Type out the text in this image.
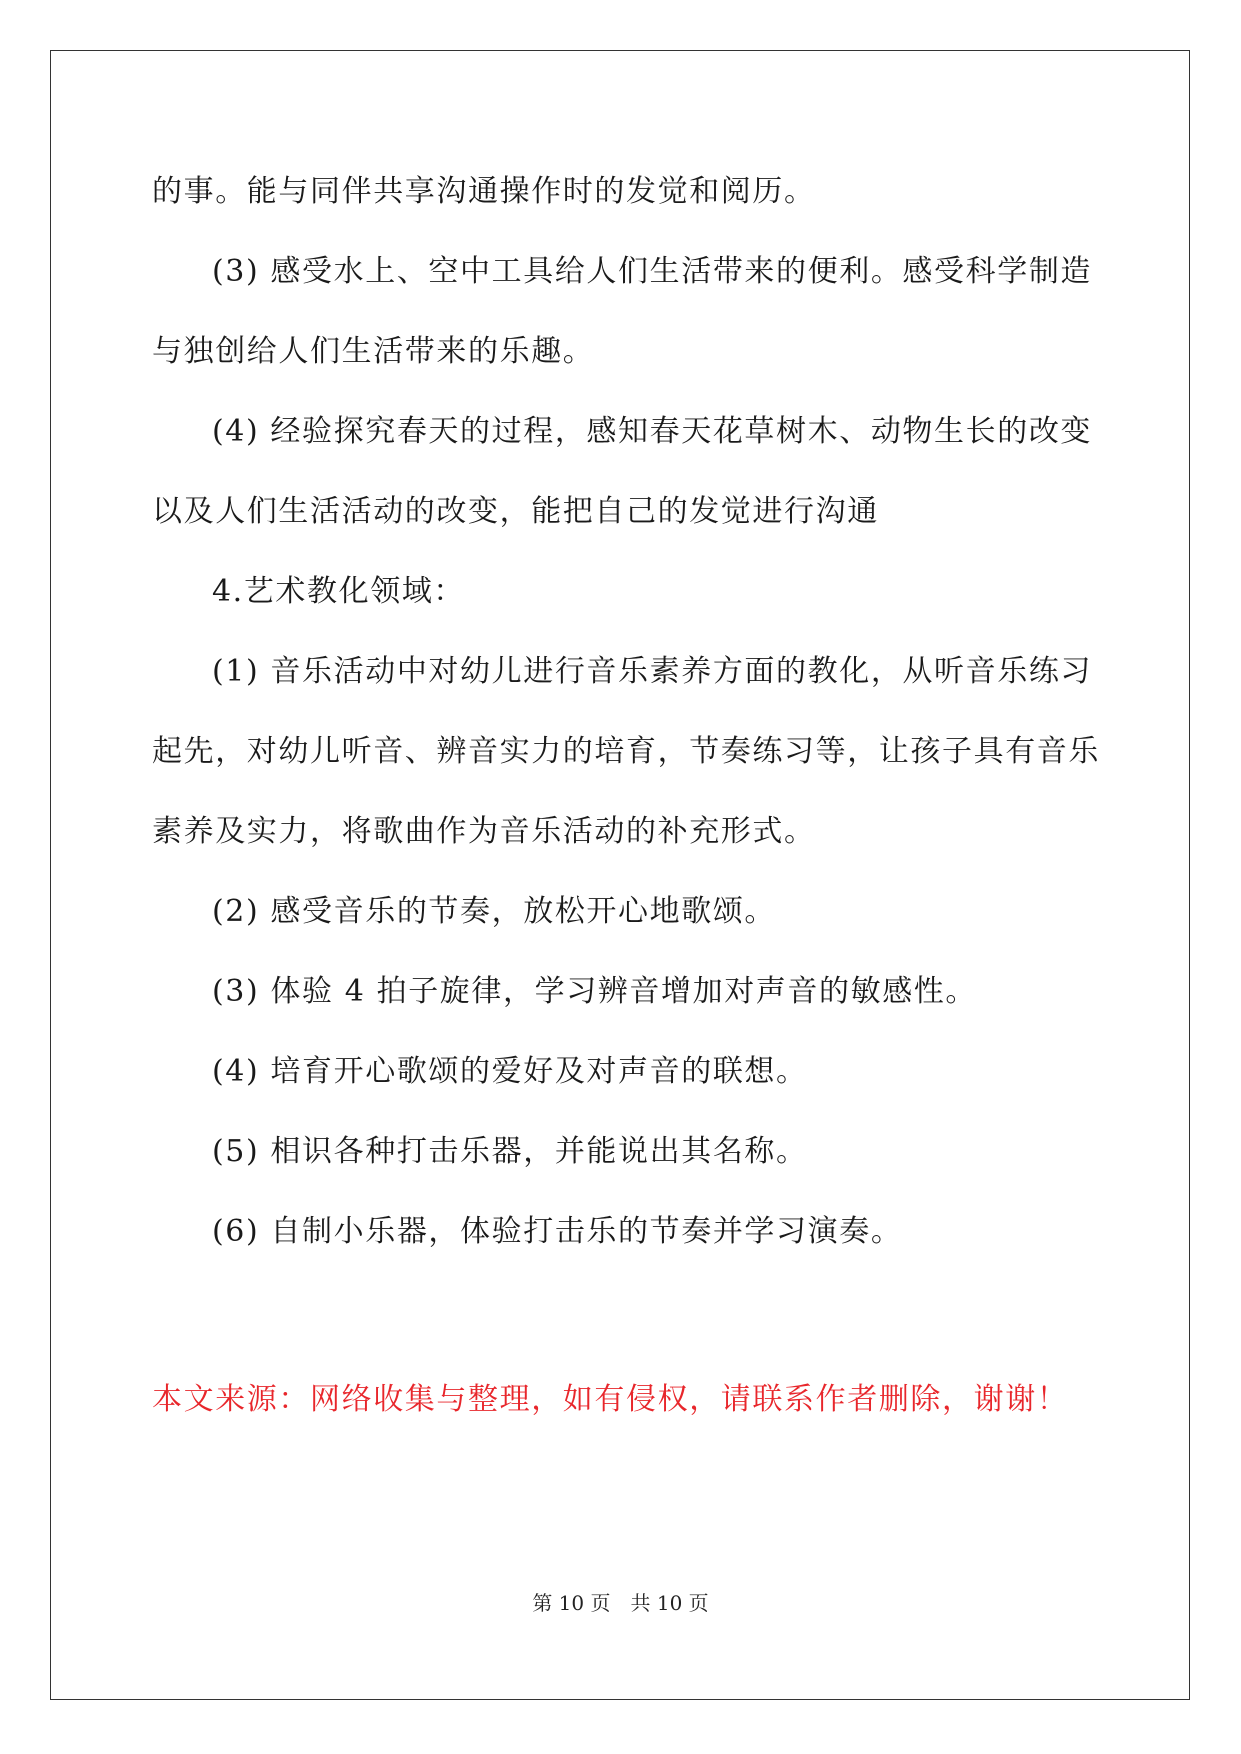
的事。能与同伴共享沟通操作时的发觉和阅历。
(3) 感受水上、空中工具给人们生活带来的便利。感受科学制造
与独创给人们生活带来的乐趣。
(4) 经验探究春天的过程，感知春天花草树木、动物生长的改变
以及人们生活活动的改变，能把自己的发觉进行沟通
4.艺术教化领域：
(1) 音乐活动中对幼儿进行音乐素养方面的教化，从听音乐练习
起先，对幼儿听音、辨音实力的培育，节奏练习等，让孩子具有音乐
素养及实力，将歌曲作为音乐活动的补充形式。
(2) 感受音乐的节奏，放松开心地歌颂。
(3) 体验 4 拍子旋律，学习辨音增加对声音的敏感性。
(4) 培育开心歌颂的爱好及对声音的联想。
(5) 相识各种打击乐器，并能说出其名称。
(6) 自制小乐器，体验打击乐的节奏并学习演奏。
本文来源：网络收集与整理，如有侵权，请联系作者删除，谢谢！
第 10 页　共 10 页
